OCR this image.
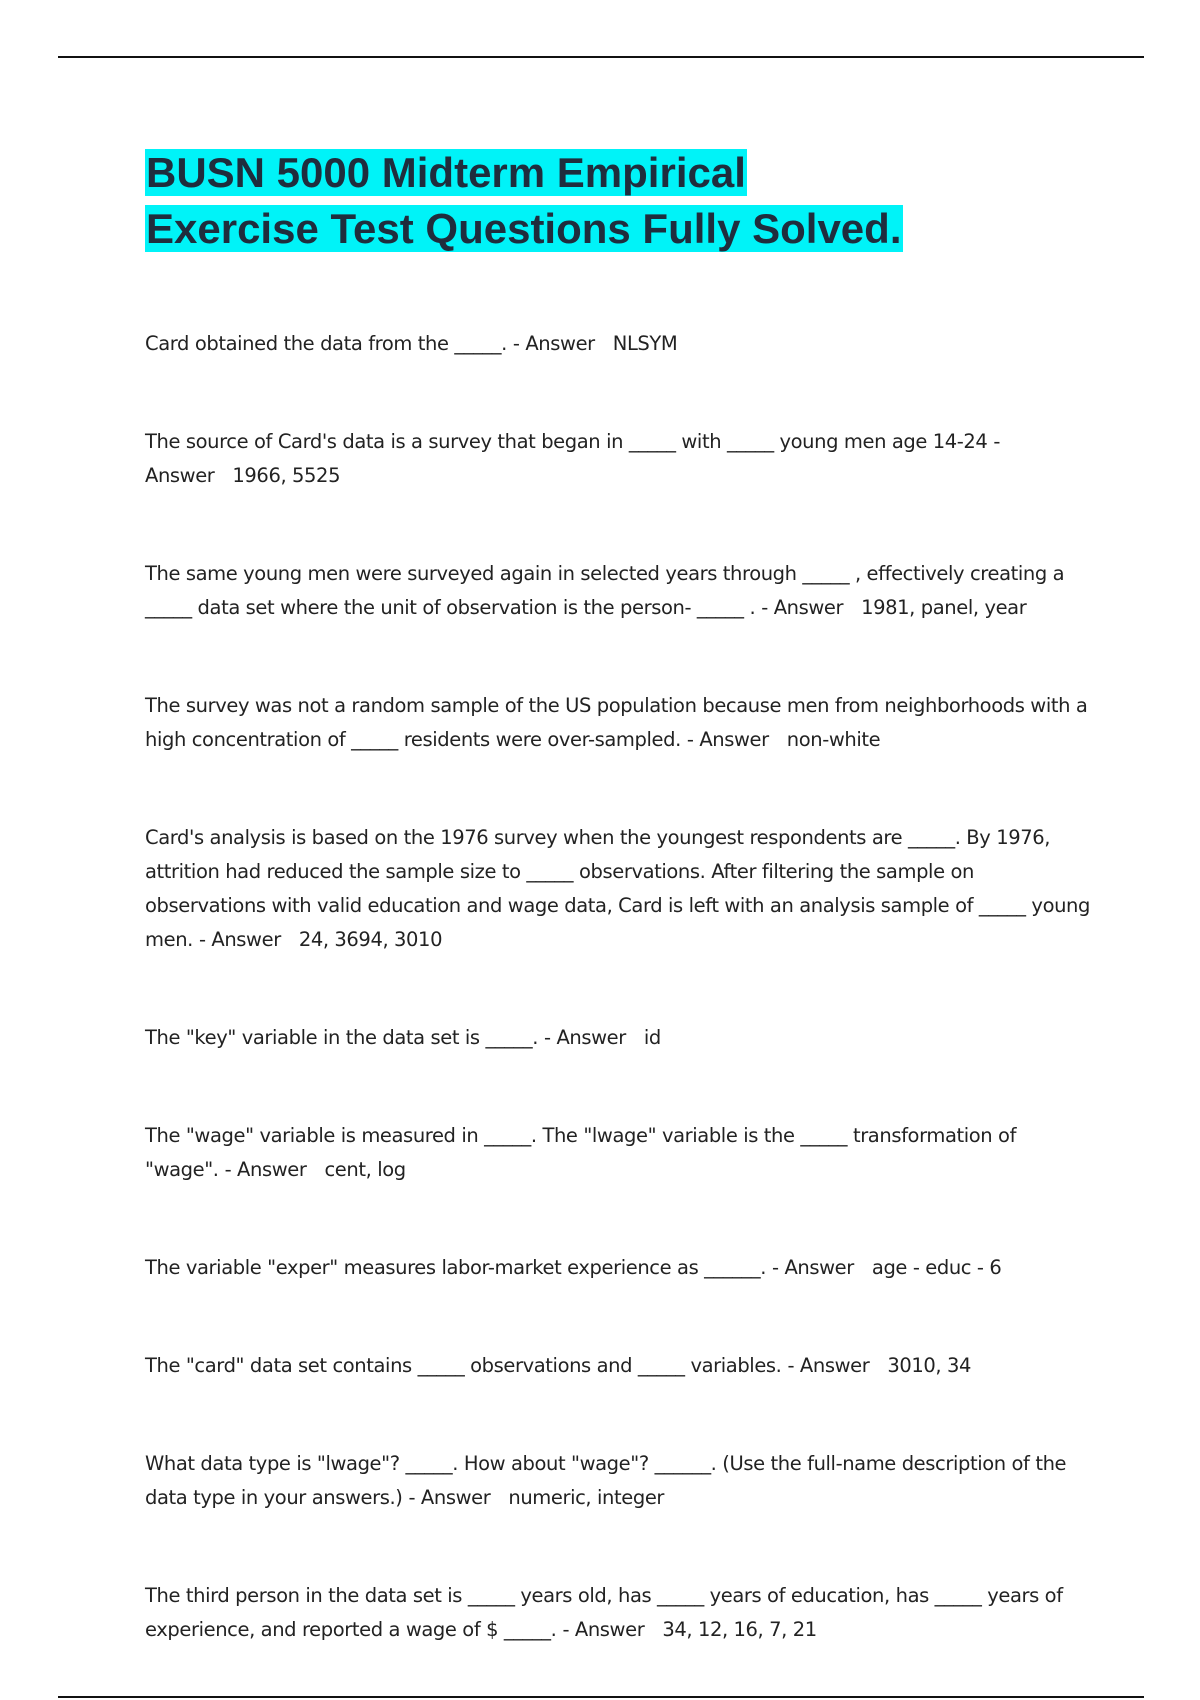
BUSN 5000 Midterm Empirical
Exercise Test Questions Fully Solved.

Card obtained the data from the _____. - Answer NLSYM

The source of Card's data is a survey that began in _____ with _____ young men age 14-24 - Answer 1966, 5525

The same young men were surveyed again in selected years through _____ , effectively creating a _____ data set where the unit of observation is the person- _____ . - Answer 1981, panel, year

The survey was not a random sample of the US population because men from neighborhoods with a high concentration of _____ residents were over-sampled. - Answer non-white

Card's analysis is based on the 1976 survey when the youngest respondents are _____. By 1976, attrition had reduced the sample size to _____ observations. After filtering the sample on observations with valid education and wage data, Card is left with an analysis sample of _____ young men. - Answer 24, 3694, 3010

The "key" variable in the data set is _____. - Answer id

The "wage" variable is measured in _____. The "lwage" variable is the _____ transformation of "wage". - Answer cent, log

The variable "exper" measures labor-market experience as ______. - Answer age - educ - 6

The "card" data set contains _____ observations and _____ variables. - Answer 3010, 34

What data type is "lwage"? _____. How about "wage"? ______. (Use the full-name description of the data type in your answers.) - Answer numeric, integer

The third person in the data set is _____ years old, has _____ years of education, has _____ years of experience, and reported a wage of $ _____. - Answer 34, 12, 16, 7, 21
